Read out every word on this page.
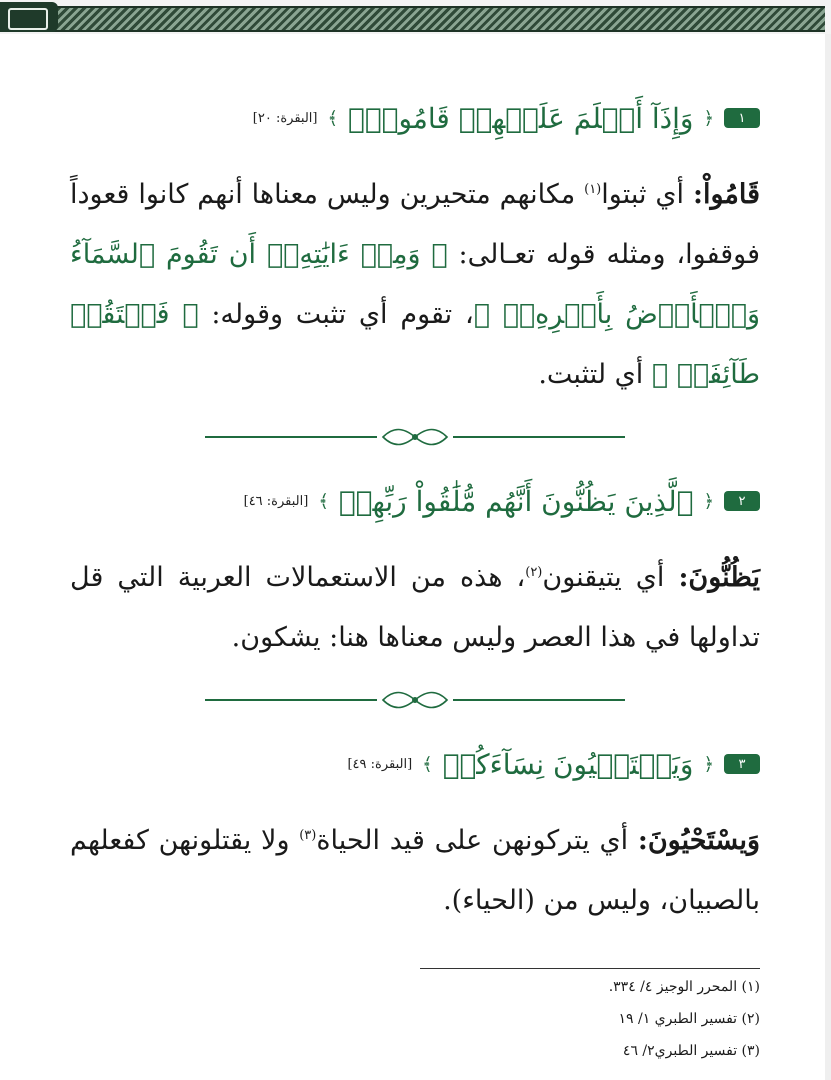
١
﴿
وَإِذَآ أَظۡلَمَ عَلَيۡهِمۡ قَامُواْۚ
﴾
[البقرة: ٢٠]

قَامُواْ: أي ثبتوا$^{(١)}$ مكانهم متحيرين وليس معناها أنهم كانوا قعوداً فوقفوا، ومثله قوله تعـالى: ﴿ وَمِنۡ ءَايَٰتِهِۦٓ أَن تَقُومَ ٱلسَّمَآءُ وَٱلۡأَرۡضُ بِأَمۡرِهِۦۚ ﴾، تقوم أي تثبت وقوله: ﴿ فَلۡتَقُمۡ طَآئِفَةٞ ﴾ أي لتثبت.

٢
﴿
ٱلَّذِينَ يَظُنُّونَ أَنَّهُم مُّلَٰقُواْ رَبِّهِمۡ
﴾
[البقرة: ٤٦]

يَظُنُّونَ: أي يتيقنون$^{(٢)}$، هذه من الاستعمالات العربية التي قل تداولها في هذا العصر وليس معناها هنا: يشكون.

٣
﴿
وَيَسۡتَحۡيُونَ نِسَآءَكُمۡ
﴾
[البقرة: ٤٩]

وَيسْتَحْيُونَ: أي يتركونهن على قيد الحياة$^{(٣)}$ ولا يقتلونهن كفعلهم بالصبيان، وليس من (الحياء).

(١) المحرر الوجيز ٤/ ٣٣٤.
(٢) تفسير الطبري ١/ ١٩
(٣) تفسير الطبري٢/ ٤٦
